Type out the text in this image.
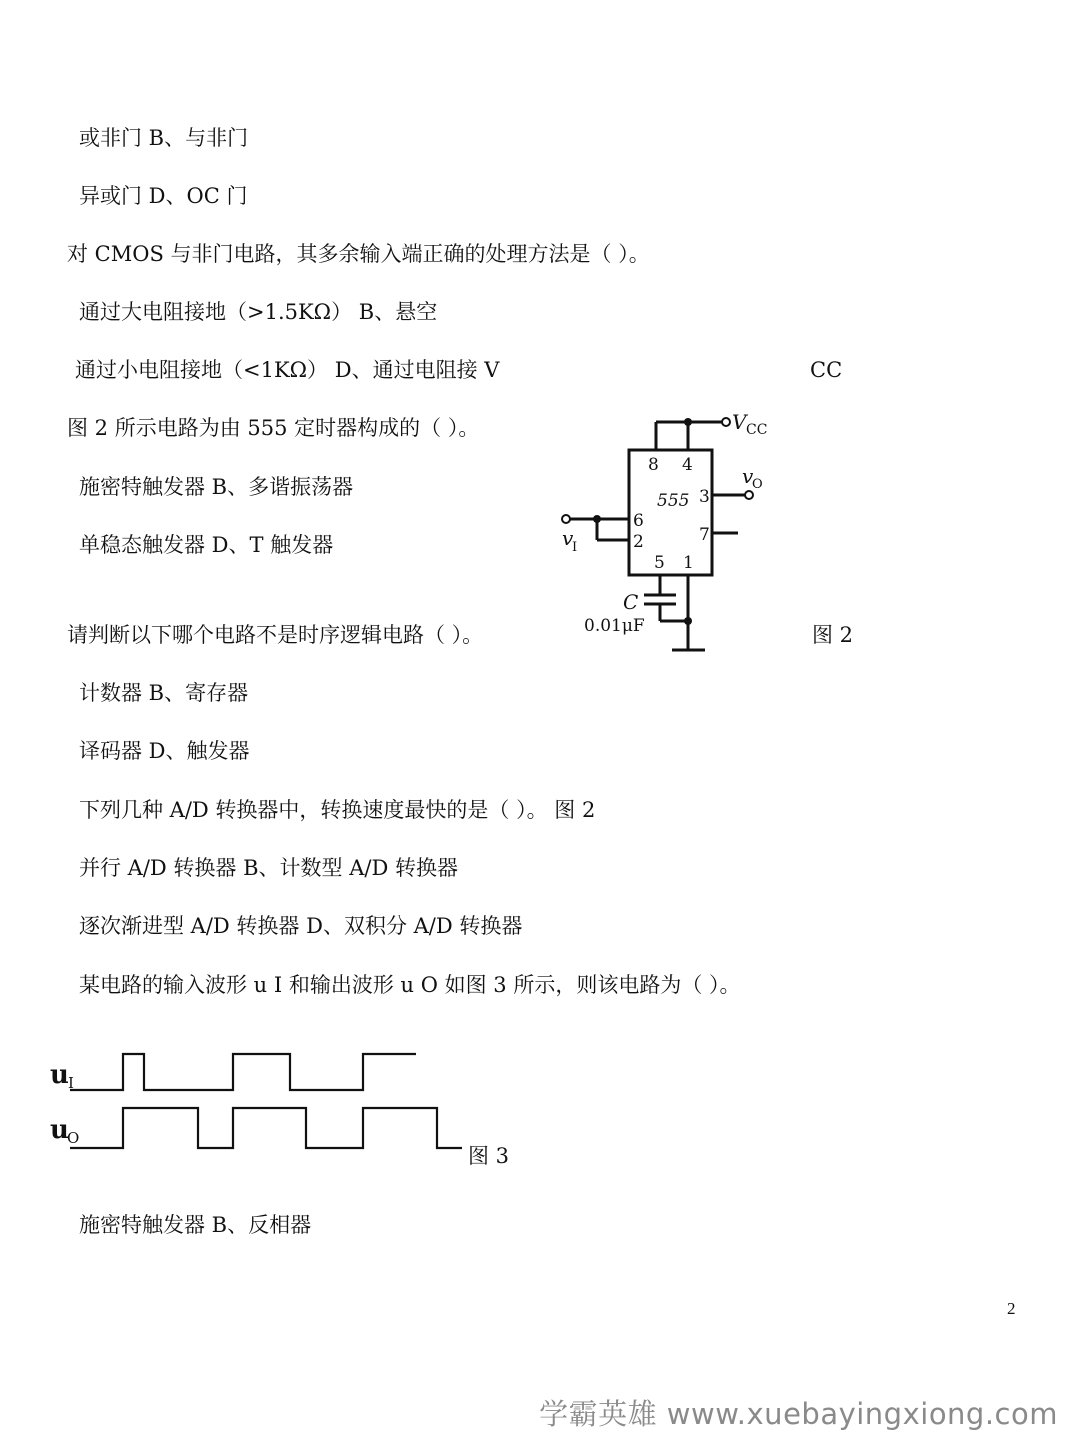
或非门 B、与非门
异或门 D、OC 门
对 CMOS 与非门电路，其多余输入端正确的处理方法是（ ）。
通过大电阻接地（>1.5KΩ） B、悬空
通过小电阻接地（<1KΩ） D、通过电阻接 V	CC
图 2 所示电路为由 555 定时器构成的（ ）。
施密特触发器 B、多谐振荡器
单稳态触发器 D、T 触发器
请判断以下哪个电路不是时序逻辑电路（ ）。	图 2
计数器 B、寄存器
译码器 D、触发器
下列几种 A/D 转换器中，转换速度最快的是（ ）。 图 2
并行 A/D 转换器 B、计数型 A/D 转换器
逐次渐进型 A/D 转换器 D、双积分 A/D 转换器
某电路的输入波形 u I 和输出波形 u O 如图 3 所示，则该电路为（ ）。
施密特触发器 B、反相器
V CC
v
O
v
I
8 4
555 3
6
7
2
5 1
C
0.01μF
u I
u
O
图 3
2
学霸英雄 www.xuebayingxiong.com
